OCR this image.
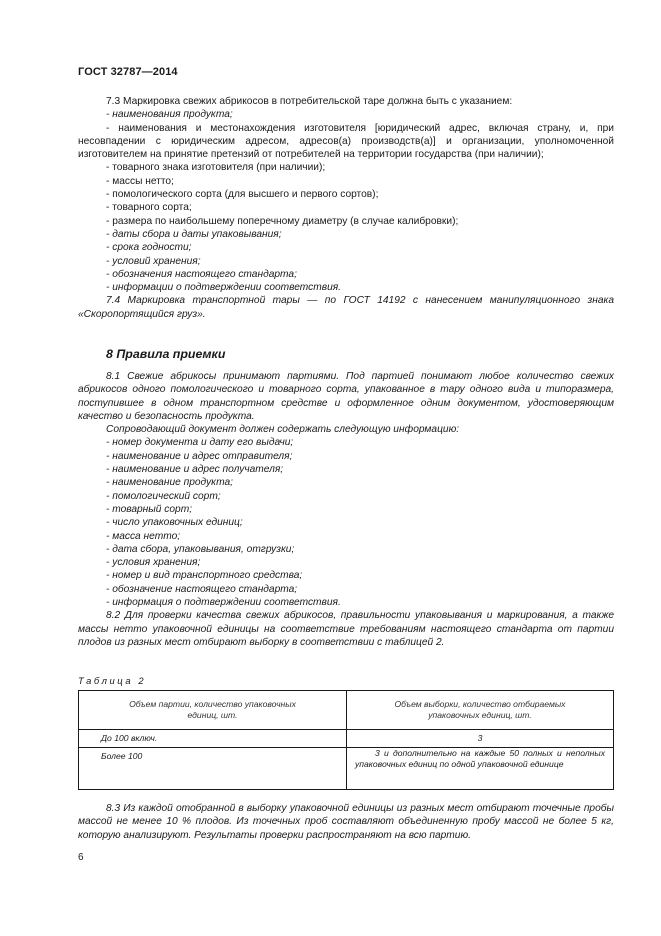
ГОСТ 32787—2014

7.3 Маркировка свежих абрикосов в потребительской таре должна быть с указанием:

- наименования продукта;

- наименования и местонахождения изготовителя [юридический адрес, включая страну, и, при несовпадении с юридическим адресом, адресов(а) производств(а)] и организации, уполномоченной изготовителем на принятие претензий от потребителей на территории государства (при наличии);

- товарного знака изготовителя (при наличии);

- массы нетто;

- помологического сорта (для высшего и первого сортов);

- товарного сорта;

- размера по наибольшему поперечному диаметру (в случае калибровки);

- даты сбора и даты упаковывания;

- срока годности;

- условий хранения;

- обозначения настоящего стандарта;

- информации о подтверждении соответствия.

7.4 Маркировка транспортной тары — по ГОСТ 14192 с нанесением манипуляционного знака «Скоропортящийся груз».

8 Правила приемки

8.1 Свежие абрикосы принимают партиями. Под партией понимают любое количество свежих абрикосов одного помологического и товарного сорта, упакованное в тару одного вида и типоразмера, поступившее в одном транспортном средстве и оформленное одним документом, удостоверяющим качество и безопасность продукта.

Сопроводающий документ должен содержать следующую информацию:

- номер документа и дату его выдачи;

- наименование и адрес отправителя;

- наименование и адрес получателя;

- наименование продукта;

- помологический сорт;

- товарный сорт;

- число упаковочных единиц;

- масса нетто;

- дата сбора, упаковывания, отгрузки;

- условия хранения;

- номер и вид транспортного средства;

- обозначение настоящего стандарта;

- информация о подтверждении соответствия.

8.2 Для проверки качества свежих абрикосов, правильности упаковывания и маркирования, а также массы нетто упаковочной единицы на соответствие требованиям настоящего стандарта от партии плодов из разных мест отбирают выборку в соответствии с таблицей 2.

Таблица 2
Объем партии, количество упаковочных единиц, шт.	Объем выборки, количество отбираемых упаковочных единиц, шт.
До 100 включ.	3
Более 100	3 и дополнительно на каждые 50 полных и неполных упаковочных единиц по одной упаковочной единице

8.3 Из каждой отобранной в выборку упаковочной единицы из разных мест отбирают точечные пробы массой не менее 10 % плодов. Из точечных проб составляют объединенную пробу массой не более 5 кг, которую анализируют. Результаты проверки распространяют на всю партию.

6
